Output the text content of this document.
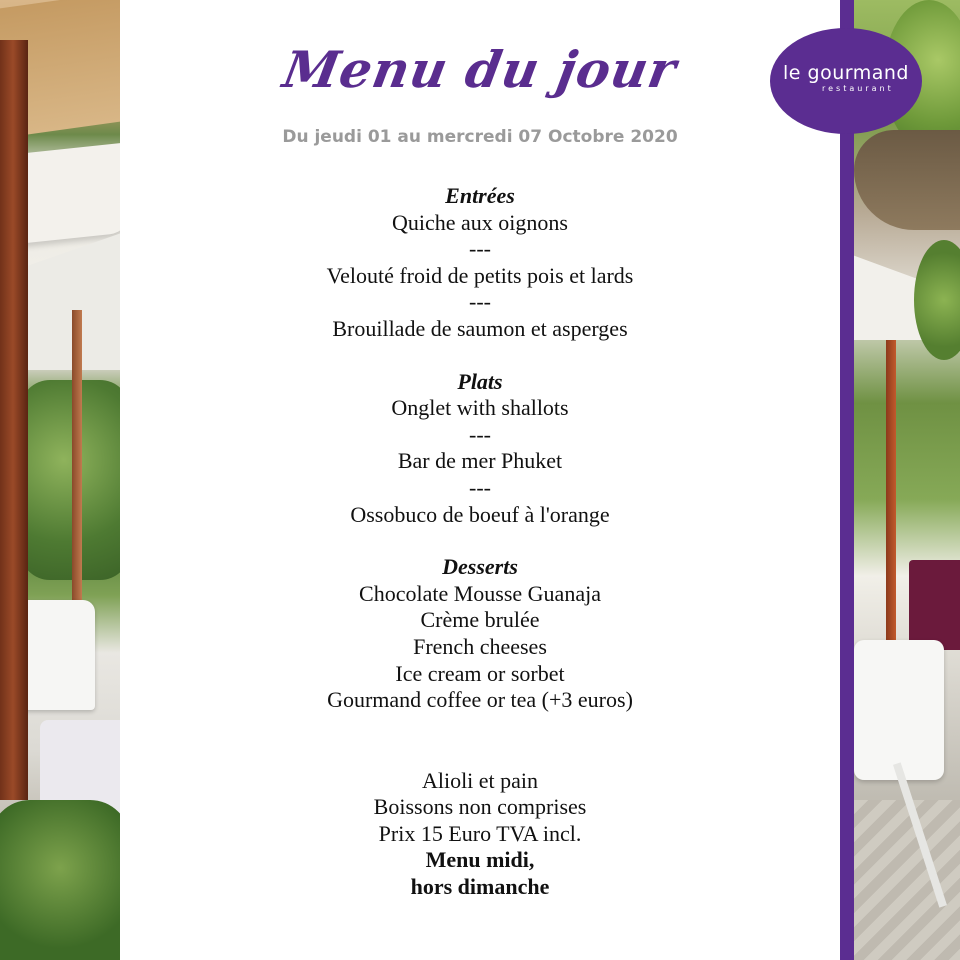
Menu du jour
Du jeudi 01 au mercredi 07 Octobre 2020
Entrées
Quiche aux oignons
---
Velouté froid de petits pois et lards
---
Brouillade de saumon et asperges
Plats
Onglet with shallots
---
Bar de mer Phuket
---
Ossobuco de boeuf à l'orange
Desserts
Chocolate Mousse Guanaja
Crème brulée
French cheeses
Ice cream or sorbet
Gourmand coffee or tea (+3 euros)
Alioli et pain
Boissons non comprises
Prix 15 Euro TVA incl.
Menu midi,
hors dimanche
le gourmand
restaurant
